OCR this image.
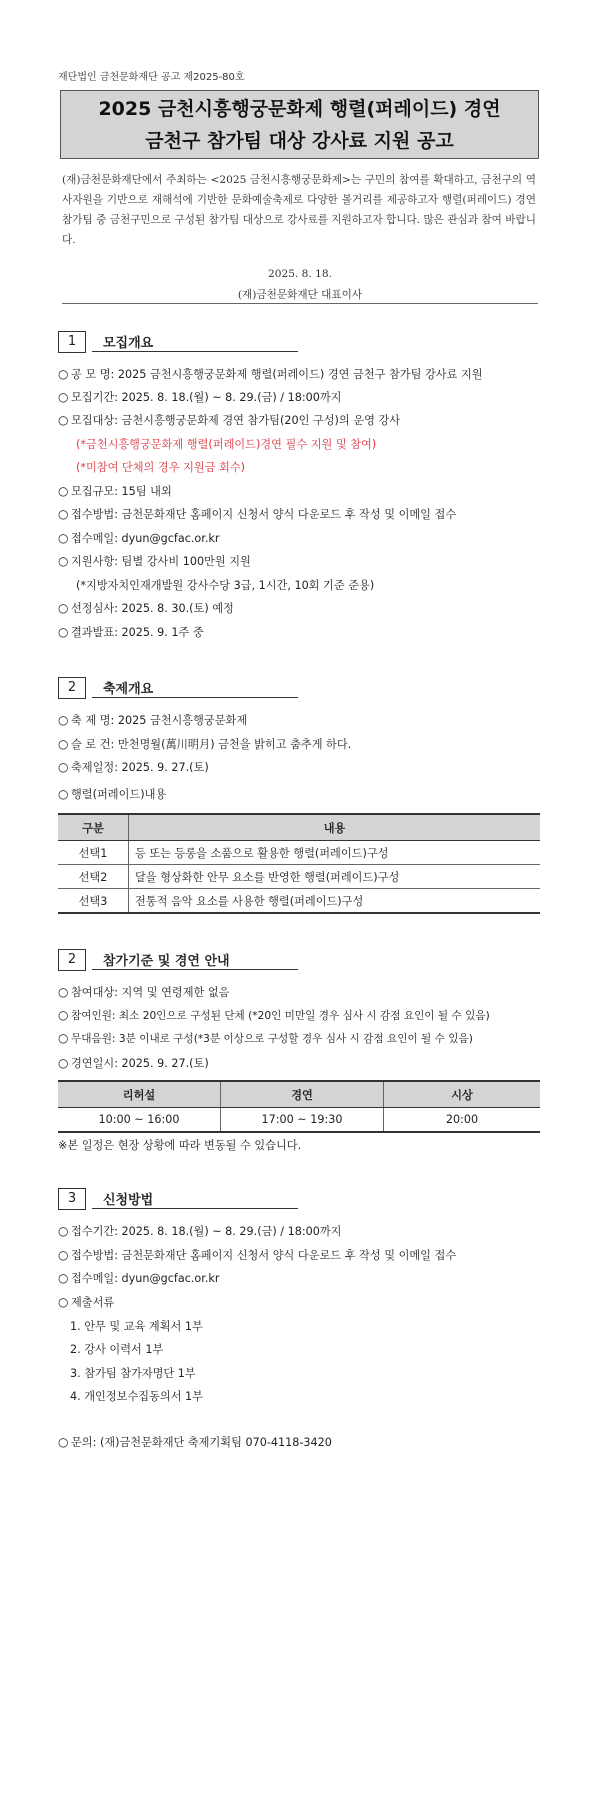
재단법인 금천문화재단 공고 제2025-80호
2025 금천시흥행궁문화제 행렬(퍼레이드) 경연
금천구 참가팀 대상 강사료 지원 공고
(재)금천문화재단에서 주최하는 <2025 금천시흥행궁문화제>는 구민의 참여를 확대하고, 금천구의 역사자원을 기반으로 재해석에 기반한 문화예술축제로 다양한 볼거리를 제공하고자 행렬(퍼레이드) 경연 참가팀 중 금천구민으로 구성된 참가팀 대상으로 강사료를 지원하고자 합니다. 많은 관심과 참여 바랍니다.
2025. 8. 18.
(재)금천문화재단 대표이사
1	모집개요
○ 공 모 명: 2025 금천시흥행궁문화제 행렬(퍼레이드) 경연 금천구 참가팀 강사료 지원
○ 모집기간: 2025. 8. 18.(월) ~ 8. 29.(금) / 18:00까지
○ 모집대상: 금천시흥행궁문화제 경연 참가팀(20인 구성)의 운영 강사
(*금천시흥행궁문화제 행렬(퍼레이드)경연 필수 지원 및 참여)
(*미참여 단체의 경우 지원금 회수)
○ 모집규모: 15팀 내외
○ 접수방법: 금천문화재단 홈페이지 신청서 양식 다운로드 후 작성 및 이메일 접수
○ 접수메일: dyun@gcfac.or.kr
○ 지원사항: 팀별 강사비 100만원 지원
(*지방자치인재개발원 강사수당 3급, 1시간, 10회 기준 준용)
○ 선정심사: 2025. 8. 30.(토) 예정
○ 결과발표: 2025. 9. 1주 중
2	축제개요
○ 축 제 명: 2025 금천시흥행궁문화제
○ 슬 로 건: 만천명월(萬川明月) 금천을 밝히고 춤추게 하다.
○ 축제일정: 2025. 9. 27.(토)
○ 행렬(퍼레이드)내용
구분	내용
선택1	등 또는 등롱을 소품으로 활용한 행렬(퍼레이드)구성
선택2	달을 형상화한 안무 요소를 반영한 행렬(퍼레이드)구성
선택3	전통적 음악 요소를 사용한 행렬(퍼레이드)구성
2	참가기준 및 경연 안내
○ 참여대상: 지역 및 연령제한 없음
○ 참여인원: 최소 20인으로 구성된 단체 (*20인 미만일 경우 심사 시 감점 요인이 될 수 있음)
○ 무대음원: 3분 이내로 구성(*3분 이상으로 구성할 경우 심사 시 감점 요인이 될 수 있음)
○ 경연일시: 2025. 9. 27.(토)
리허설	경연	시상
10:00 ~ 16:00	17:00 ~ 19:30	20:00
※본 일정은 현장 상황에 따라 변동될 수 있습니다.
3	신청방법
○ 접수기간: 2025. 8. 18.(월) ~ 8. 29.(금) / 18:00까지
○ 접수방법: 금천문화재단 홈페이지 신청서 양식 다운로드 후 작성 및 이메일 접수
○ 접수메일: dyun@gcfac.or.kr
○ 제출서류
1. 안무 및 교육 계획서 1부
2. 강사 이력서 1부
3. 참가팀 참가자명단 1부
4. 개인정보수집동의서 1부
○ 문의: (재)금천문화재단 축제기획팀 070-4118-3420
